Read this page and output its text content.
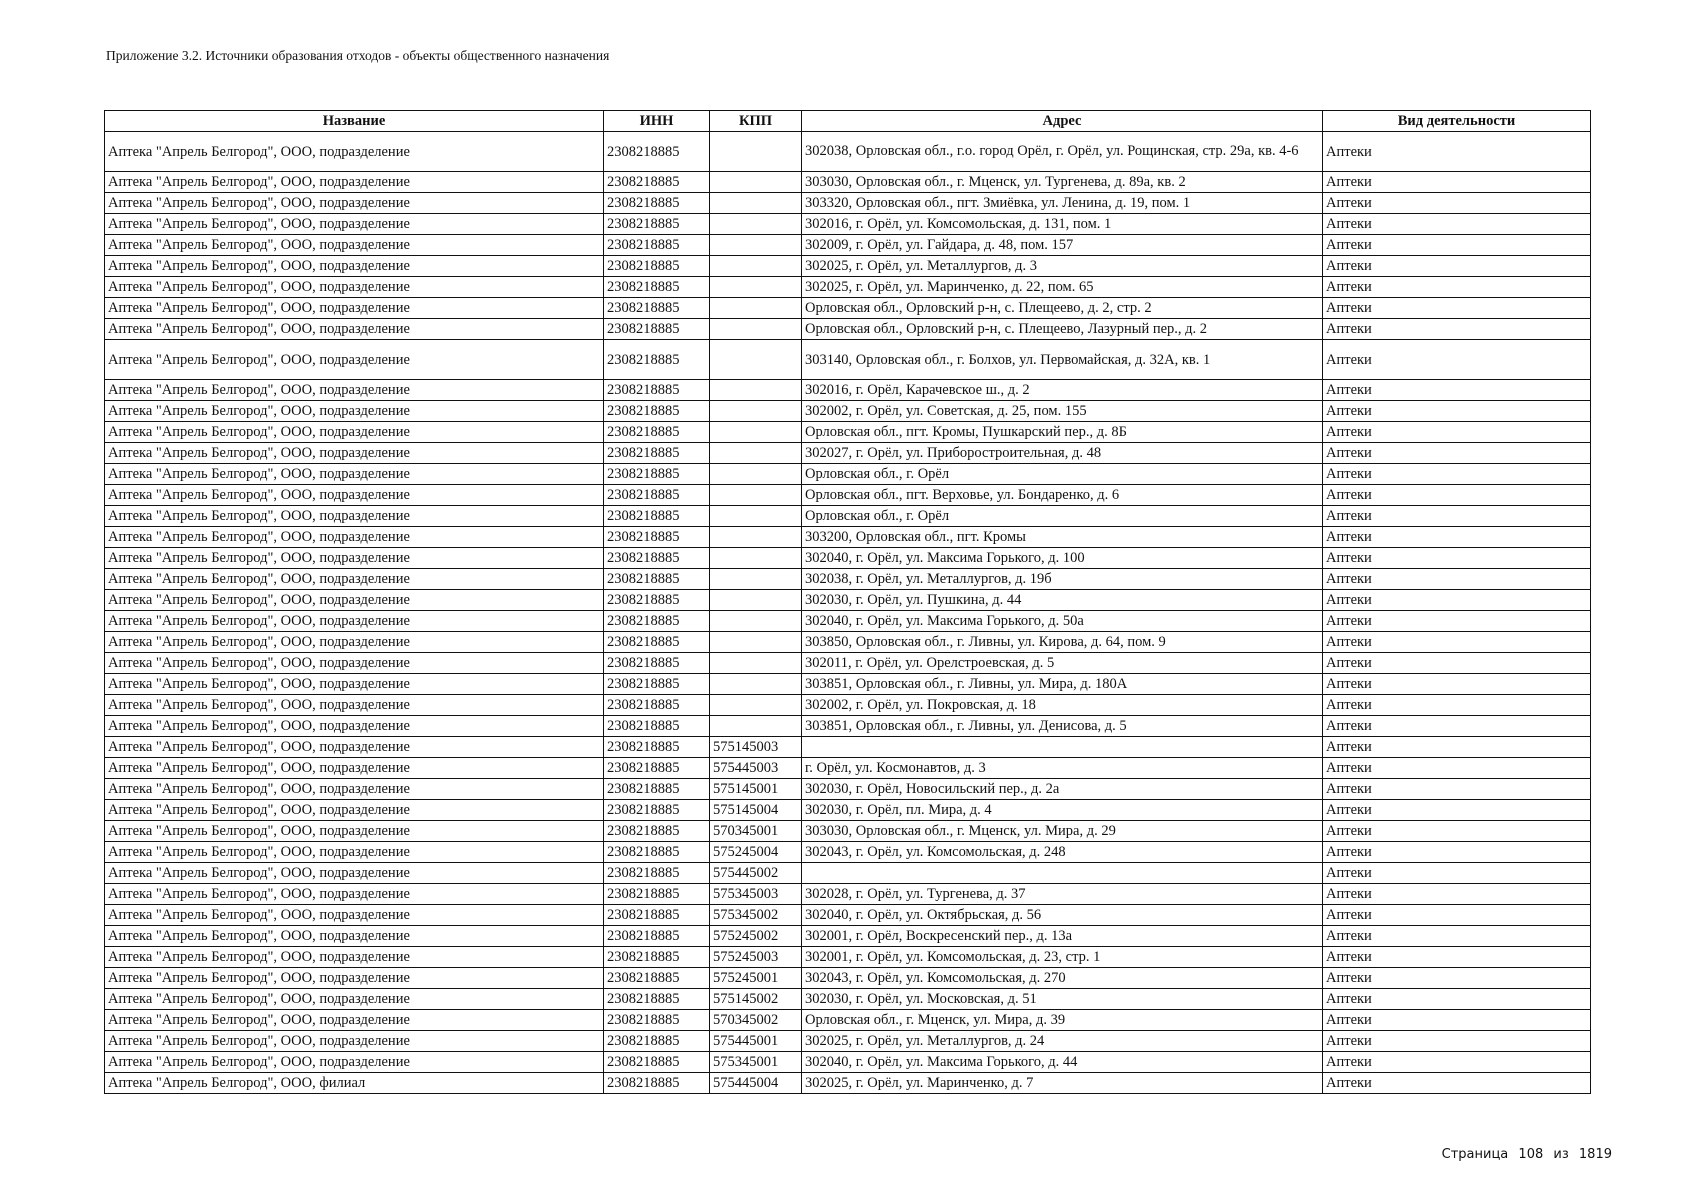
Приложение 3.2. Источники образования отходов - объекты общественного назначения
Название	ИНН	КПП	Адрес	Вид деятельности
Аптека "Апрель Белгород", ООО, подразделение	2308218885		302038, Орловская обл., г.о. город Орёл, г. Орёл, ул. Рощинская, стр. 29а, кв. 4-6	Аптеки
Аптека "Апрель Белгород", ООО, подразделение	2308218885		303030, Орловская обл., г. Мценск, ул. Тургенева, д. 89а, кв. 2	Аптеки
Аптека "Апрель Белгород", ООО, подразделение	2308218885		303320, Орловская обл., пгт. Змиёвка, ул. Ленина, д. 19, пом. 1	Аптеки
Аптека "Апрель Белгород", ООО, подразделение	2308218885		302016, г. Орёл, ул. Комсомольская, д. 131, пом. 1	Аптеки
Аптека "Апрель Белгород", ООО, подразделение	2308218885		302009, г. Орёл, ул. Гайдара, д. 48, пом. 157	Аптеки
Аптека "Апрель Белгород", ООО, подразделение	2308218885		302025, г. Орёл, ул. Металлургов, д. 3	Аптеки
Аптека "Апрель Белгород", ООО, подразделение	2308218885		302025, г. Орёл, ул. Маринченко, д. 22, пом. 65	Аптеки
Аптека "Апрель Белгород", ООО, подразделение	2308218885		Орловская обл., Орловский р-н, с. Плещеево, д. 2, стр. 2	Аптеки
Аптека "Апрель Белгород", ООО, подразделение	2308218885		Орловская обл., Орловский р-н, с. Плещеево, Лазурный пер., д. 2	Аптеки
Аптека "Апрель Белгород", ООО, подразделение	2308218885		303140, Орловская обл., г. Болхов, ул. Первомайская, д. 32А, кв. 1	Аптеки
Аптека "Апрель Белгород", ООО, подразделение	2308218885		302016, г. Орёл, Карачевское ш., д. 2	Аптеки
Аптека "Апрель Белгород", ООО, подразделение	2308218885		302002, г. Орёл, ул. Советская, д. 25, пом. 155	Аптеки
Аптека "Апрель Белгород", ООО, подразделение	2308218885		Орловская обл., пгт. Кромы, Пушкарский пер., д. 8Б	Аптеки
Аптека "Апрель Белгород", ООО, подразделение	2308218885		302027, г. Орёл, ул. Приборостроительная, д. 48	Аптеки
Аптека "Апрель Белгород", ООО, подразделение	2308218885		Орловская обл., г. Орёл	Аптеки
Аптека "Апрель Белгород", ООО, подразделение	2308218885		Орловская обл., пгт. Верховье, ул. Бондаренко, д. 6	Аптеки
Аптека "Апрель Белгород", ООО, подразделение	2308218885		Орловская обл., г. Орёл	Аптеки
Аптека "Апрель Белгород", ООО, подразделение	2308218885		303200, Орловская обл., пгт. Кромы	Аптеки
Аптека "Апрель Белгород", ООО, подразделение	2308218885		302040, г. Орёл, ул. Максима Горького, д. 100	Аптеки
Аптека "Апрель Белгород", ООО, подразделение	2308218885		302038, г. Орёл, ул. Металлургов, д. 19б	Аптеки
Аптека "Апрель Белгород", ООО, подразделение	2308218885		302030, г. Орёл, ул. Пушкина, д. 44	Аптеки
Аптека "Апрель Белгород", ООО, подразделение	2308218885		302040, г. Орёл, ул. Максима Горького, д. 50а	Аптеки
Аптека "Апрель Белгород", ООО, подразделение	2308218885		303850, Орловская обл., г. Ливны, ул. Кирова, д. 64, пом. 9	Аптеки
Аптека "Апрель Белгород", ООО, подразделение	2308218885		302011, г. Орёл, ул. Орелстроевская, д. 5	Аптеки
Аптека "Апрель Белгород", ООО, подразделение	2308218885		303851, Орловская обл., г. Ливны, ул. Мира, д. 180А	Аптеки
Аптека "Апрель Белгород", ООО, подразделение	2308218885		302002, г. Орёл, ул. Покровская, д. 18	Аптеки
Аптека "Апрель Белгород", ООО, подразделение	2308218885		303851, Орловская обл., г. Ливны, ул. Денисова, д. 5	Аптеки
Аптека "Апрель Белгород", ООО, подразделение	2308218885	575145003		Аптеки
Аптека "Апрель Белгород", ООО, подразделение	2308218885	575445003	г. Орёл, ул. Космонавтов, д. 3	Аптеки
Аптека "Апрель Белгород", ООО, подразделение	2308218885	575145001	302030, г. Орёл, Новосильский пер., д. 2а	Аптеки
Аптека "Апрель Белгород", ООО, подразделение	2308218885	575145004	302030, г. Орёл, пл. Мира, д. 4	Аптеки
Аптека "Апрель Белгород", ООО, подразделение	2308218885	570345001	303030, Орловская обл., г. Мценск, ул. Мира, д. 29	Аптеки
Аптека "Апрель Белгород", ООО, подразделение	2308218885	575245004	302043, г. Орёл, ул. Комсомольская, д. 248	Аптеки
Аптека "Апрель Белгород", ООО, подразделение	2308218885	575445002		Аптеки
Аптека "Апрель Белгород", ООО, подразделение	2308218885	575345003	302028, г. Орёл, ул. Тургенева, д. 37	Аптеки
Аптека "Апрель Белгород", ООО, подразделение	2308218885	575345002	302040, г. Орёл, ул. Октябрьская, д. 56	Аптеки
Аптека "Апрель Белгород", ООО, подразделение	2308218885	575245002	302001, г. Орёл, Воскресенский пер., д. 13а	Аптеки
Аптека "Апрель Белгород", ООО, подразделение	2308218885	575245003	302001, г. Орёл, ул. Комсомольская, д. 23, стр. 1	Аптеки
Аптека "Апрель Белгород", ООО, подразделение	2308218885	575245001	302043, г. Орёл, ул. Комсомольская, д. 270	Аптеки
Аптека "Апрель Белгород", ООО, подразделение	2308218885	575145002	302030, г. Орёл, ул. Московская, д. 51	Аптеки
Аптека "Апрель Белгород", ООО, подразделение	2308218885	570345002	Орловская обл., г. Мценск, ул. Мира, д. 39	Аптеки
Аптека "Апрель Белгород", ООО, подразделение	2308218885	575445001	302025, г. Орёл, ул. Металлургов, д. 24	Аптеки
Аптека "Апрель Белгород", ООО, подразделение	2308218885	575345001	302040, г. Орёл, ул. Максима Горького, д. 44	Аптеки
Аптека "Апрель Белгород", ООО, филиал	2308218885	575445004	302025, г. Орёл, ул. Маринченко, д. 7	Аптеки
Страница 108 из 1819
